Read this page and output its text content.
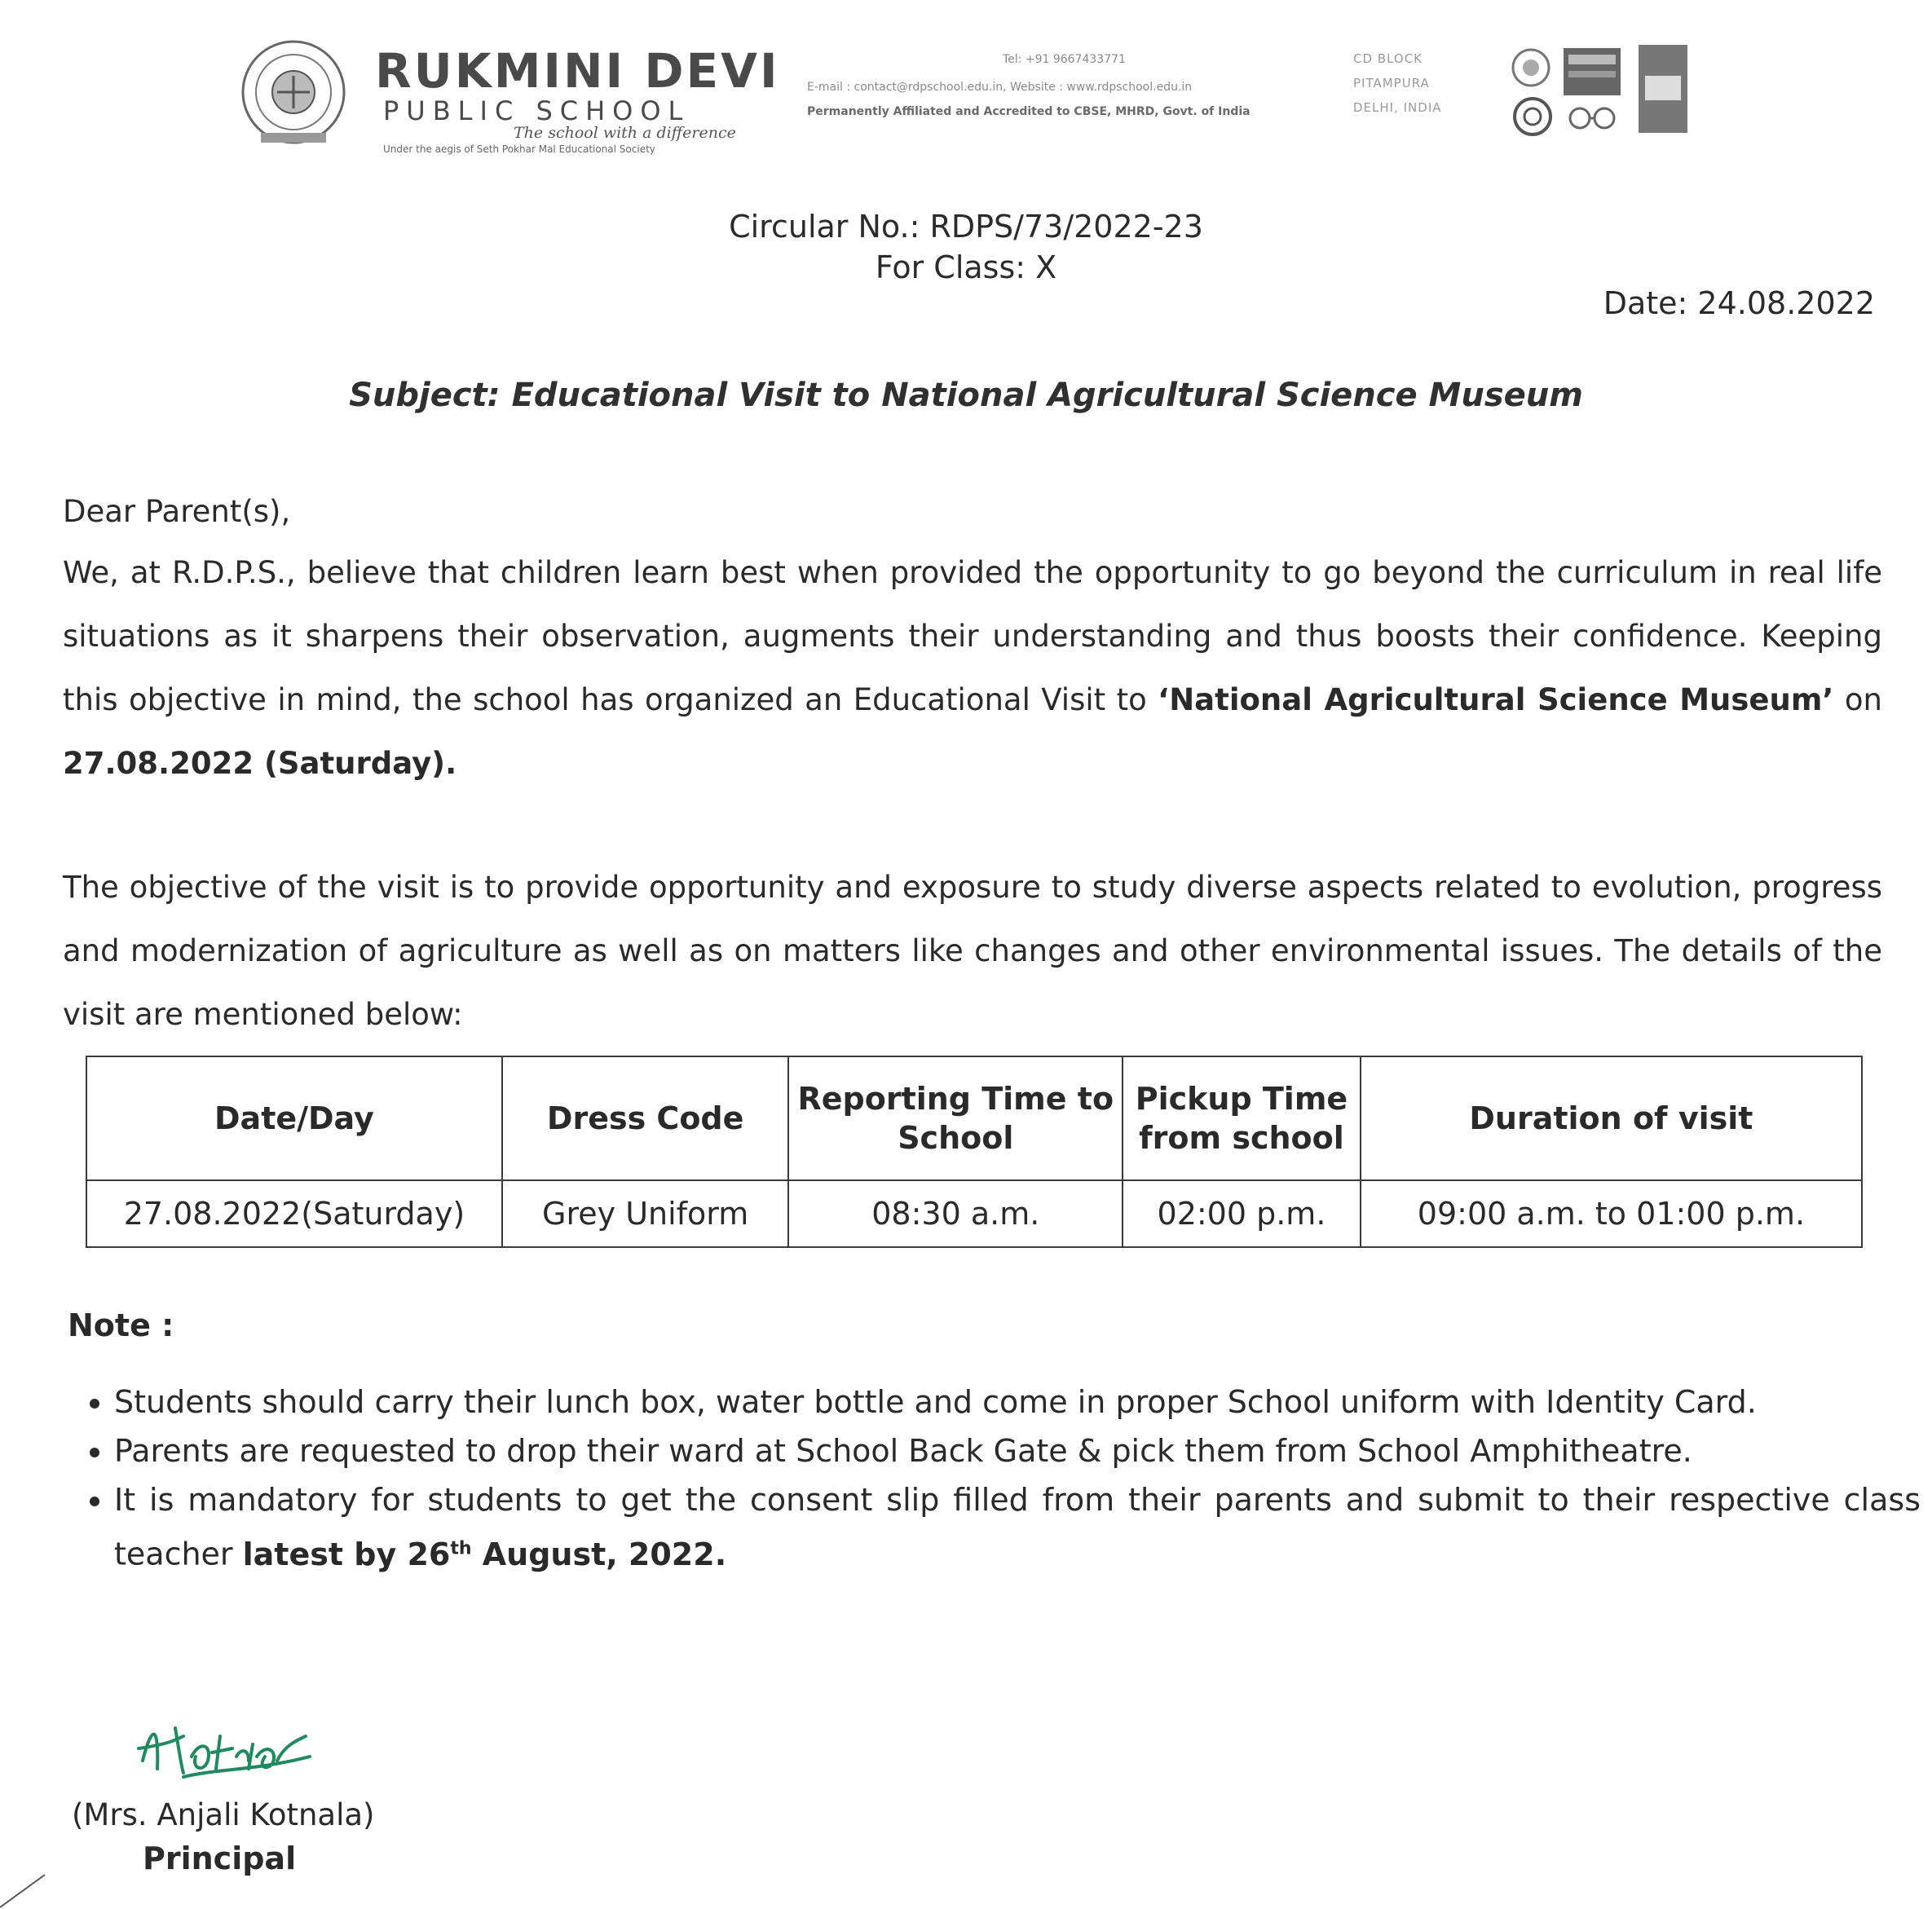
RUKMINI DEVI
PUBLIC SCHOOL
The school with a difference
Under the aegis of Seth Pokhar Mal Educational Society
Tel: +91 9667433771
E-mail : contact@rdpschool.edu.in, Website : www.rdpschool.edu.in
Permanently Affiliated and Accredited to CBSE, MHRD, Govt. of India
CD BLOCK
PITAMPURA
DELHI, INDIA
Circular No.: RDPS/73/2022-23
For Class: X
Date: 24.08.2022
Subject: Educational Visit to National Agricultural Science Museum
Dear Parent(s),
We, at R.D.P.S., believe that children learn best when provided the opportunity to go beyond the curriculum in real life situations as it sharpens their observation, augments their understanding and thus boosts their confidence. Keeping this objective in mind, the school has organized an Educational Visit to ‘National Agricultural Science Museum’ on 27.08.2022 (Saturday).
The objective of the visit is to provide opportunity and exposure to study diverse aspects related to evolution, progress and modernization of agriculture as well as on matters like changes and other environmental issues. The details of the visit are mentioned below:
Date/Day	Dress Code	Reporting Time to School	Pickup Time from school	Duration of visit
27.08.2022(Saturday)	Grey Uniform	08:30 a.m.	02:00 p.m.	09:00 a.m. to 01:00 p.m.
Note :
• Students should carry their lunch box, water bottle and come in proper School uniform with Identity Card.
• Parents are requested to drop their ward at School Back Gate & pick them from School Amphitheatre.
• It is mandatory for students to get the consent slip filled from their parents and submit to their respective class teacher latest by 26th August, 2022.
(Mrs. Anjali Kotnala)
Principal
